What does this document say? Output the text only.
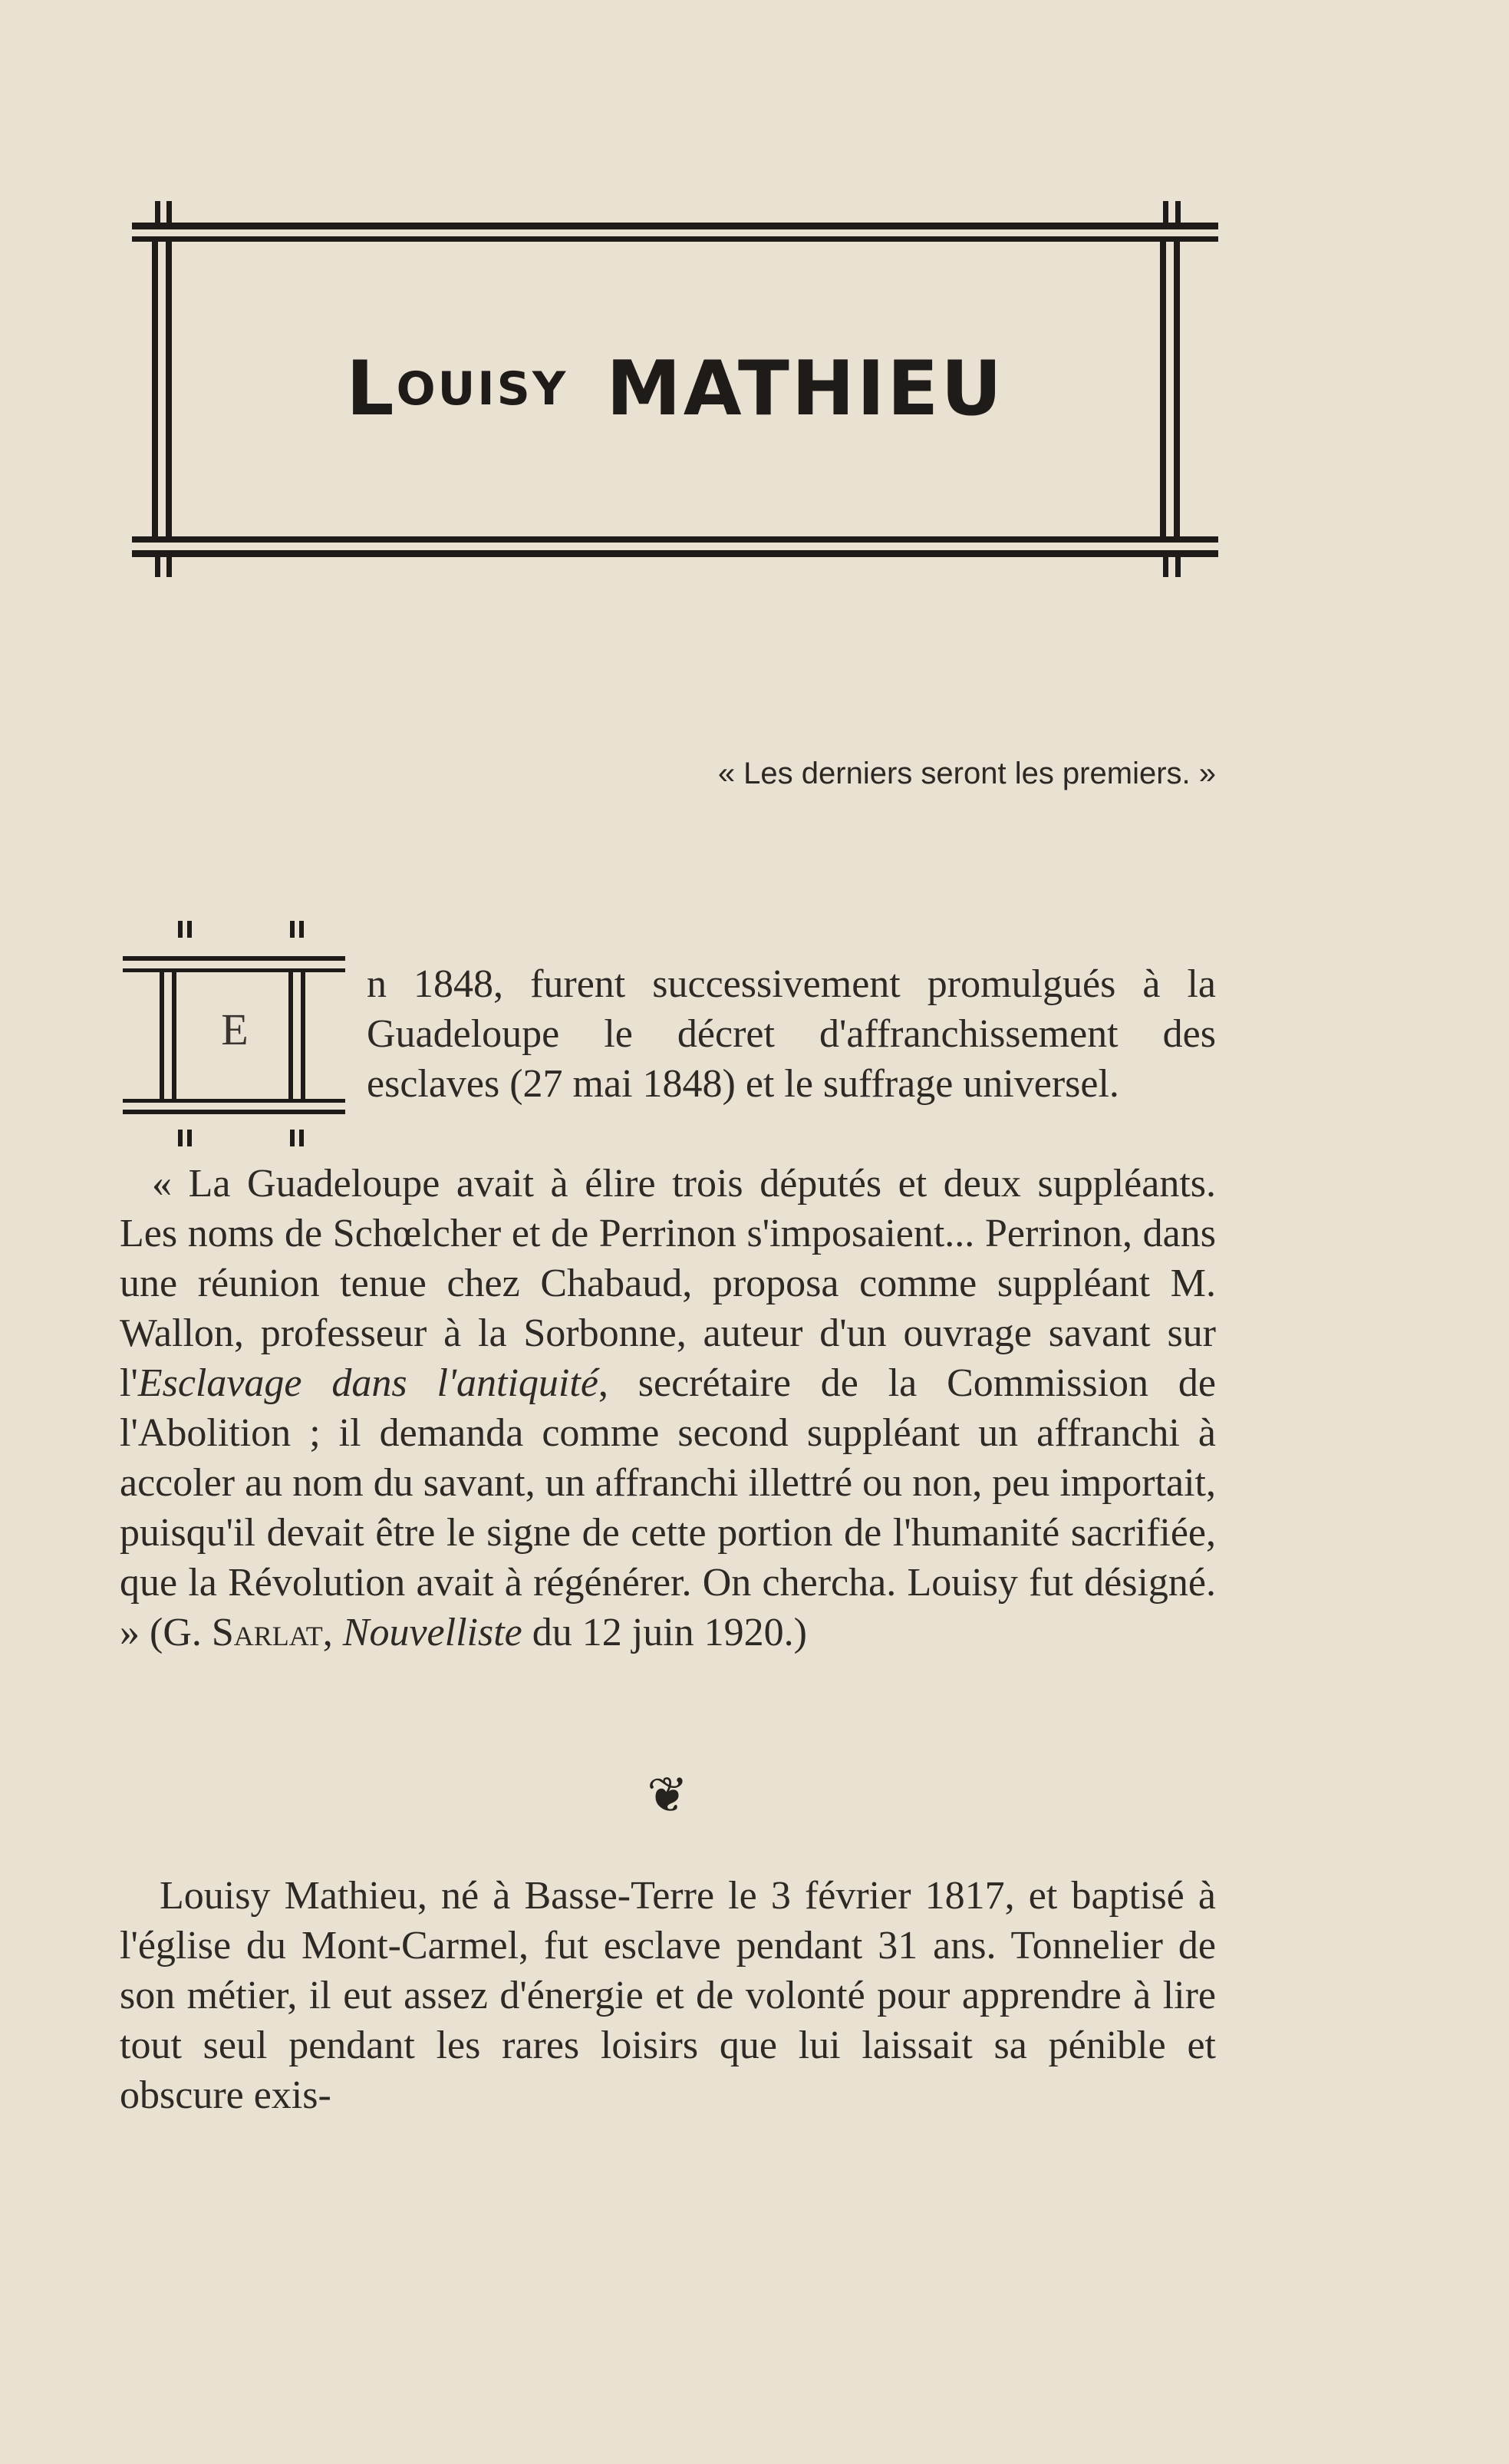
L OUISY MATHIEU
« Les derniers seront les premiers. »
E
n 1848, furent successivement promulgués à la Guadeloupe le décret d'affranchissement des esclaves (27 mai 1848) et le suffrage universel.
« La Guadeloupe avait à élire trois députés et deux suppléants. Les noms de Schœlcher et de Perrinon s'imposaient... Perrinon, dans une réunion tenue chez Chabaud, proposa comme suppléant M. Wallon, professeur à la Sorbonne, auteur d'un ouvrage savant sur l'Esclavage dans l'antiquité, secrétaire de la Commission de l'Abolition ; il demanda comme second suppléant un affranchi à accoler au nom du savant, un affranchi illettré ou non, peu importait, puisqu'il devait être le signe de cette portion de l'humanité sacrifiée, que la Révolution avait à régénérer. On chercha. Louisy fut désigné. » (G. Sarlat, Nouvelliste du 12 juin 1920.)
❦
Louisy Mathieu, né à Basse-Terre le 3 février 1817, et baptisé à l'église du Mont-Carmel, fut esclave pendant 31 ans. Tonnelier de son métier, il eut assez d'énergie et de volonté pour apprendre à lire tout seul pendant les rares loisirs que lui laissait sa pénible et obscure exis-
